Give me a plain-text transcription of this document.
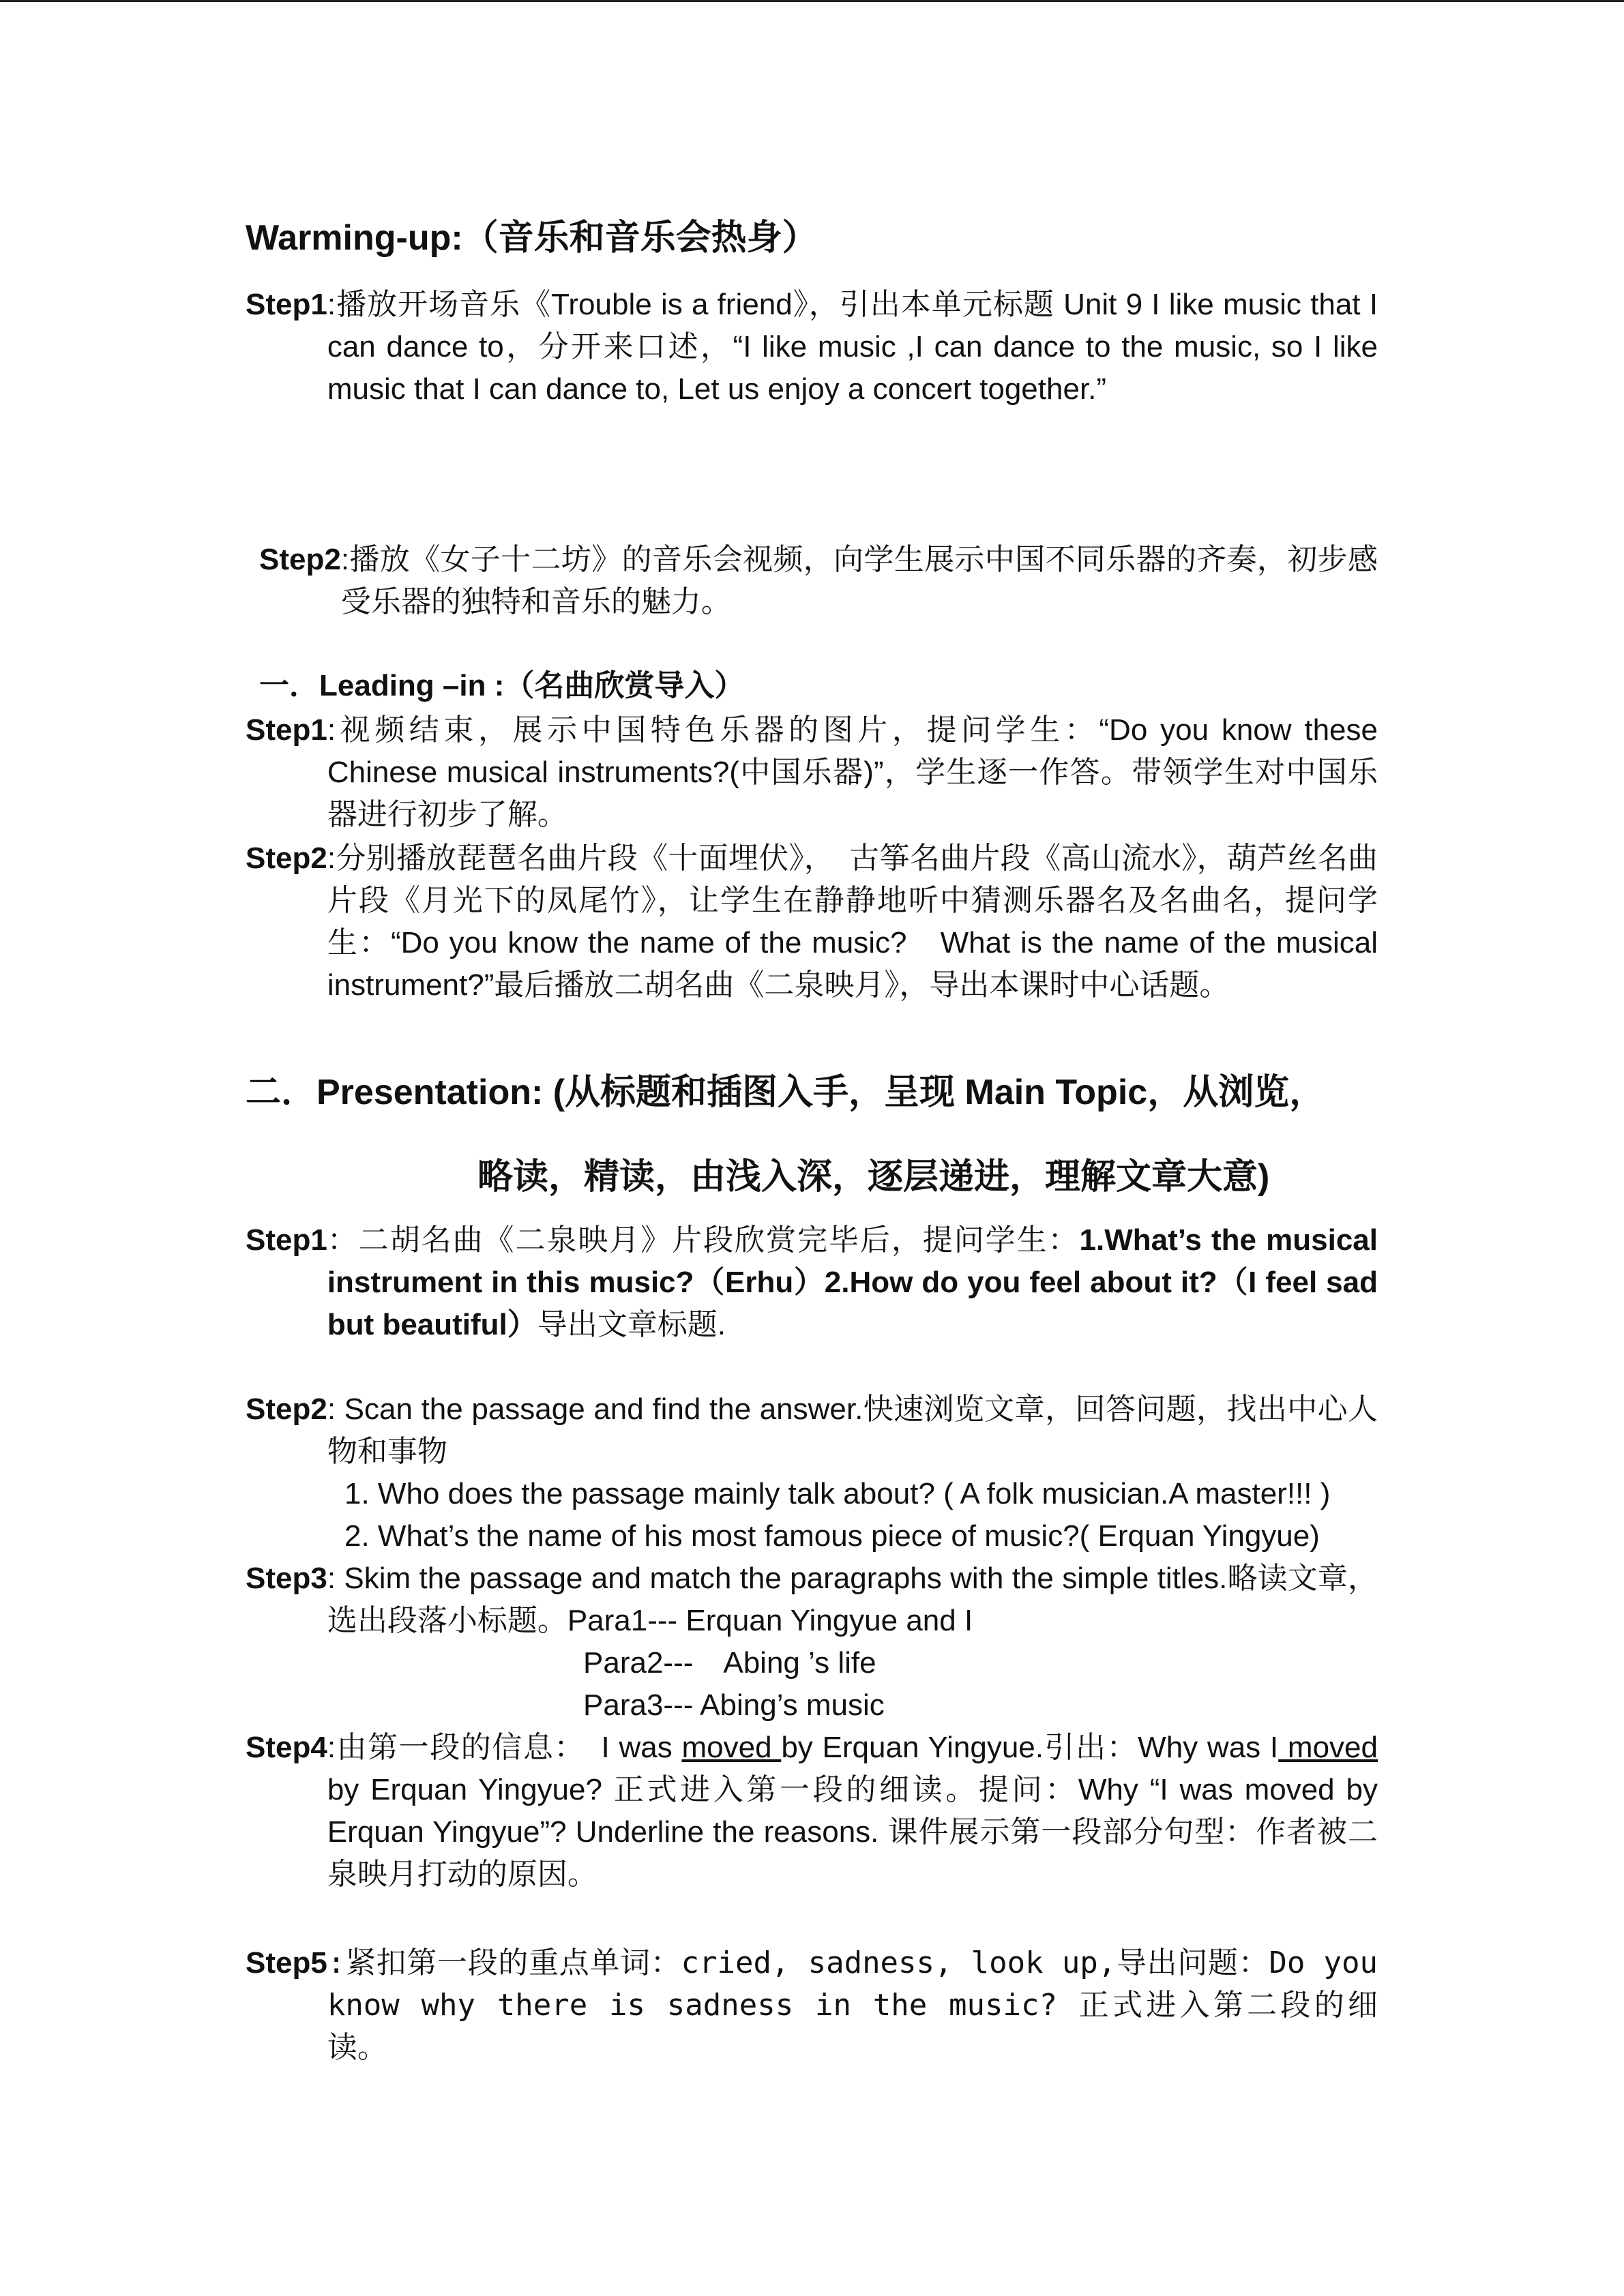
Warming-up:（音乐和音乐会热身）
Step1 :播放开场音乐《Trouble is a friend》，引出本单元标题 Unit 9 I like music that I can dance to，分开来口述，“I like music ,I can dance to the music, so I like music that I can dance to, Let us enjoy a concert together.”
Step2 :播放《女子十二坊》的音乐会视频，向学生展示中国不同乐器的齐奏，初步感受乐器的独特和音乐的魅力。
一．Leading –in :（名曲欣赏导入）
Step1 :视频结束，展示中国特色乐器的图片，提问学生：“Do you know these Chinese musical instruments?(中国乐器)”，学生逐一作答。带领学生对中国乐器进行初步了解。
Step2 :分别播放琵琶名曲片段《十面埋伏》，　古筝名曲片段《高山流水》，葫芦丝名曲片段《月光下的凤尾竹》，让学生在静静地听中猜测乐器名及名曲名，提问学生：“Do you know the name of the music?　What is the name of the musical instrument?”最后播放二胡名曲《二泉映月》，导出本课时中心话题。
二．Presentation: (从标题和插图入手，呈现 Main Topic，从浏览，
略读，精读，由浅入深，逐层递进，理解文章大意)
Step1 ：二胡名曲《二泉映月》片段欣赏完毕后，提问学生：1.What’s the musical instrument in this music?（Erhu）2.How do you feel about it?（I feel sad but beautiful）导出文章标题.
Step2 : Scan the passage and find the answer.快速浏览文章，回答问题，找出中心人物和事物
1. Who does the passage mainly talk about? ( A folk musician.A master!!! )
2. What’s the name of his most famous piece of music?( Erquan Yingyue)
Step3 : Skim the passage and match the paragraphs with the simple titles.略读文章，选出段落小标题。Para1--- Erquan Yingyue and I
Para2---　Abing ’s life
Para3--- Abing’s music
Step4 :由第一段的信息：　I was moved by Erquan Yingyue.引出：Why was I moved by Erquan Yingyue? 正式进入第一段的细读。提问：Why “I was moved by Erquan Yingyue”? Underline the reasons. 课件展示第一段部分句型：作者被二泉映月打动的原因。
Step5 :紧扣第一段的重点单词：cried, sadness, look up,导出问题：Do you know why there is sadness in the music? 正式进入第二段的细读。
